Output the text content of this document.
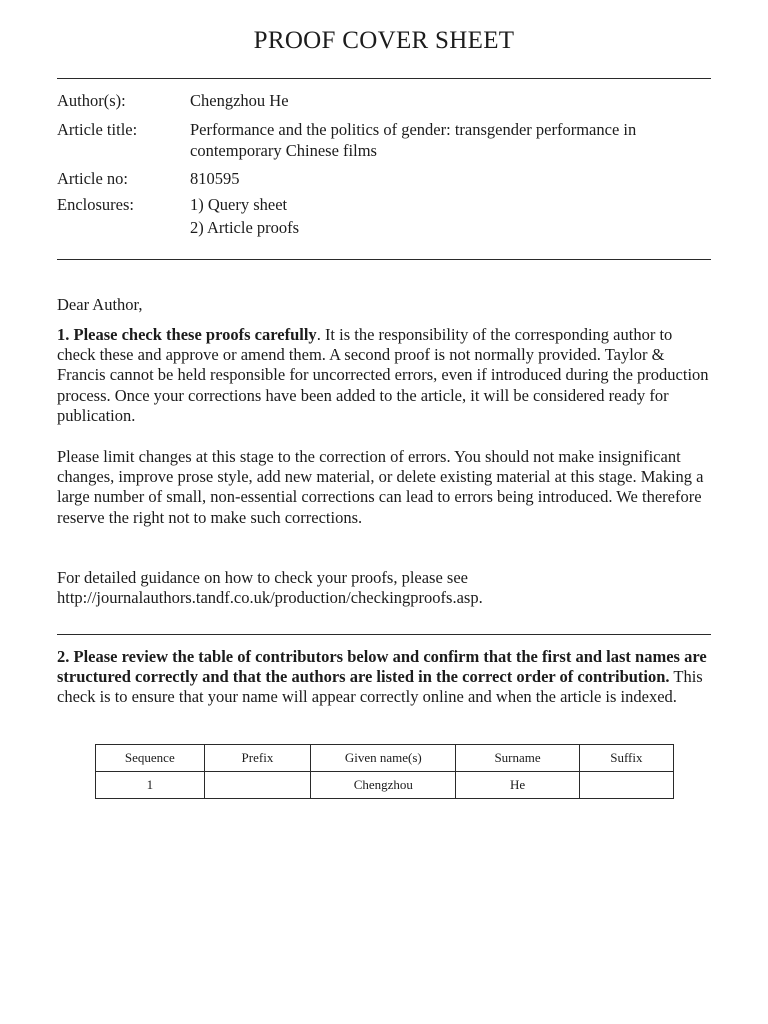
PROOF COVER SHEET
Author(s):	Chengzhou He
Article title:	Performance and the politics of gender: transgender performance in contemporary Chinese films
Article no:	810595
Enclosures:	1) Query sheet
2) Article proofs
Dear Author,

1. Please check these proofs carefully. It is the responsibility of the corresponding author to check these and approve or amend them. A second proof is not normally provided. Taylor & Francis cannot be held responsible for uncorrected errors, even if introduced during the production process. Once your corrections have been added to the article, it will be considered ready for publication.

Please limit changes at this stage to the correction of errors. You should not make insignificant changes, improve prose style, add new material, or delete existing material at this stage. Making a large number of small, non-essential corrections can lead to errors being introduced. We therefore reserve the right not to make such corrections.

For detailed guidance on how to check your proofs, please see
http://journalauthors.tandf.co.uk/production/checkingproofs.asp.

2. Please review the table of contributors below and confirm that the first and last names are structured correctly and that the authors are listed in the correct order of contribution. This check is to ensure that your name will appear correctly online and when the article is indexed.

Sequence	Prefix	Given name(s)	Surname	Suffix
1		Chengzhou	He	
